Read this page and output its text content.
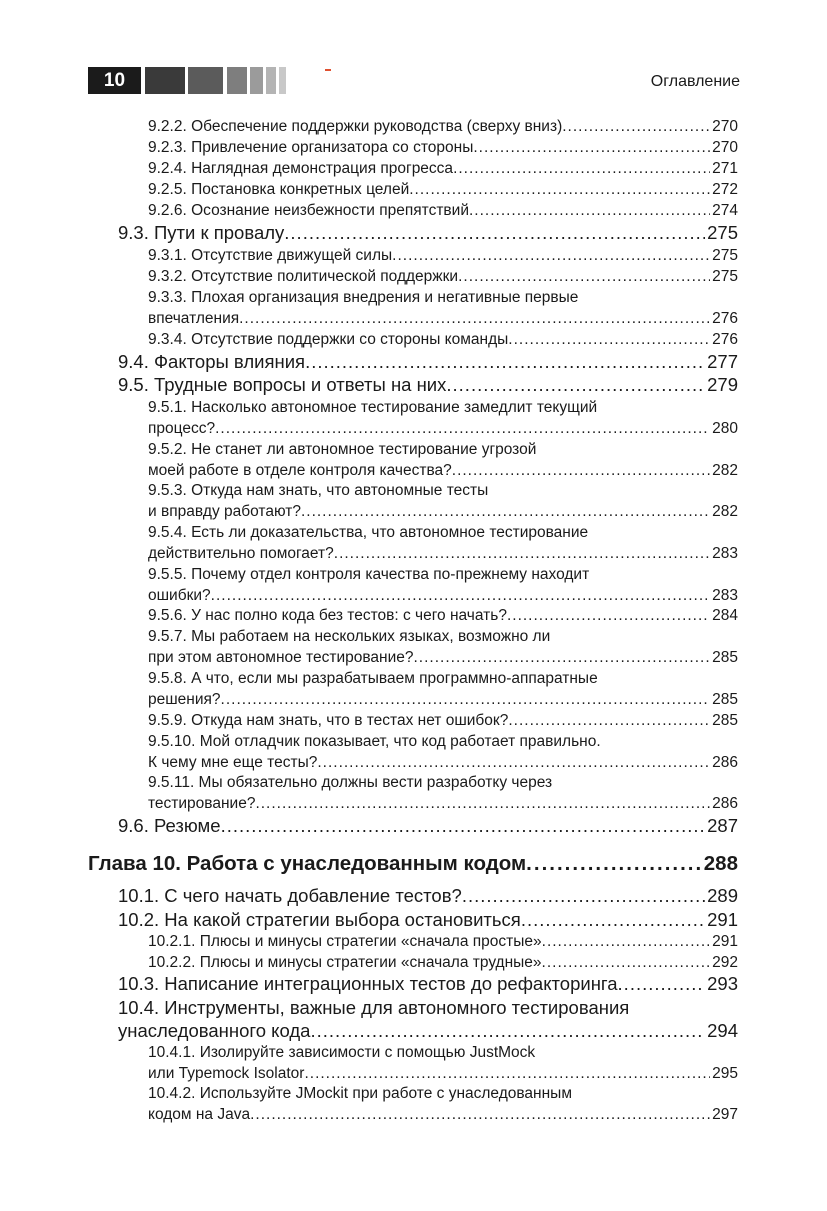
10	Оглавление
9.2.2. Обеспечение поддержки руководства (сверху вниз) .....	270
9.2.3. Привлечение организатора со стороны .....	270
9.2.4. Наглядная демонстрация прогресса .....	271
9.2.5. Постановка конкретных целей .....	272
9.2.6. Осознание неизбежности препятствий .....	274
9.3. Пути к провалу .....	275
9.3.1. Отсутствие движущей силы .....	275
9.3.2. Отсутствие политической поддержки .....	275
9.3.3. Плохая организация внедрения и негативные первые
впечатления .....	276
9.3.4. Отсутствие поддержки со стороны команды .....	276
9.4. Факторы влияния .....	277
9.5. Трудные вопросы и ответы на них .....	279
9.5.1. Насколько автономное тестирование замедлит текущий
процесс? .....	280
9.5.2. Не станет ли автономное тестирование угрозой
моей работе в отделе контроля качества? .....	282
9.5.3. Откуда нам знать, что автономные тесты
и вправду работают? .....	282
9.5.4. Есть ли доказательства, что автономное тестирование
действительно помогает? .....	283
9.5.5. Почему отдел контроля качества по-прежнему находит
ошибки? .....	283
9.5.6. У нас полно кода без тестов: с чего начать? .....	284
9.5.7. Мы работаем на нескольких языках, возможно ли
при этом автономное тестирование? .....	285
9.5.8. А что, если мы разрабатываем программно-аппаратные
решения? .....	285
9.5.9. Откуда нам знать, что в тестах нет ошибок? .....	285
9.5.10. Мой отладчик показывает, что код работает правильно.
К чему мне еще тесты? .....	286
9.5.11. Мы обязательно должны вести разработку через
тестирование? .....	286
9.6. Резюме .....	287
Глава 10. Работа с унаследованным кодом .....	288
10.1. С чего начать добавление тестов? .....	289
10.2. На какой стратегии выбора остановиться .....	291
10.2.1. Плюсы и минусы стратегии «сначала простые» .....	291
10.2.2. Плюсы и минусы стратегии «сначала трудные» .....	292
10.3. Написание интеграционных тестов до рефакторинга .....	293
10.4. Инструменты, важные для автономного тестирования
унаследованного кода .....	294
10.4.1. Изолируйте зависимости с помощью JustMock
или Typemock Isolator .....	295
10.4.2. Используйте JMockit при работе с унаследованным
кодом на Java .....	297
